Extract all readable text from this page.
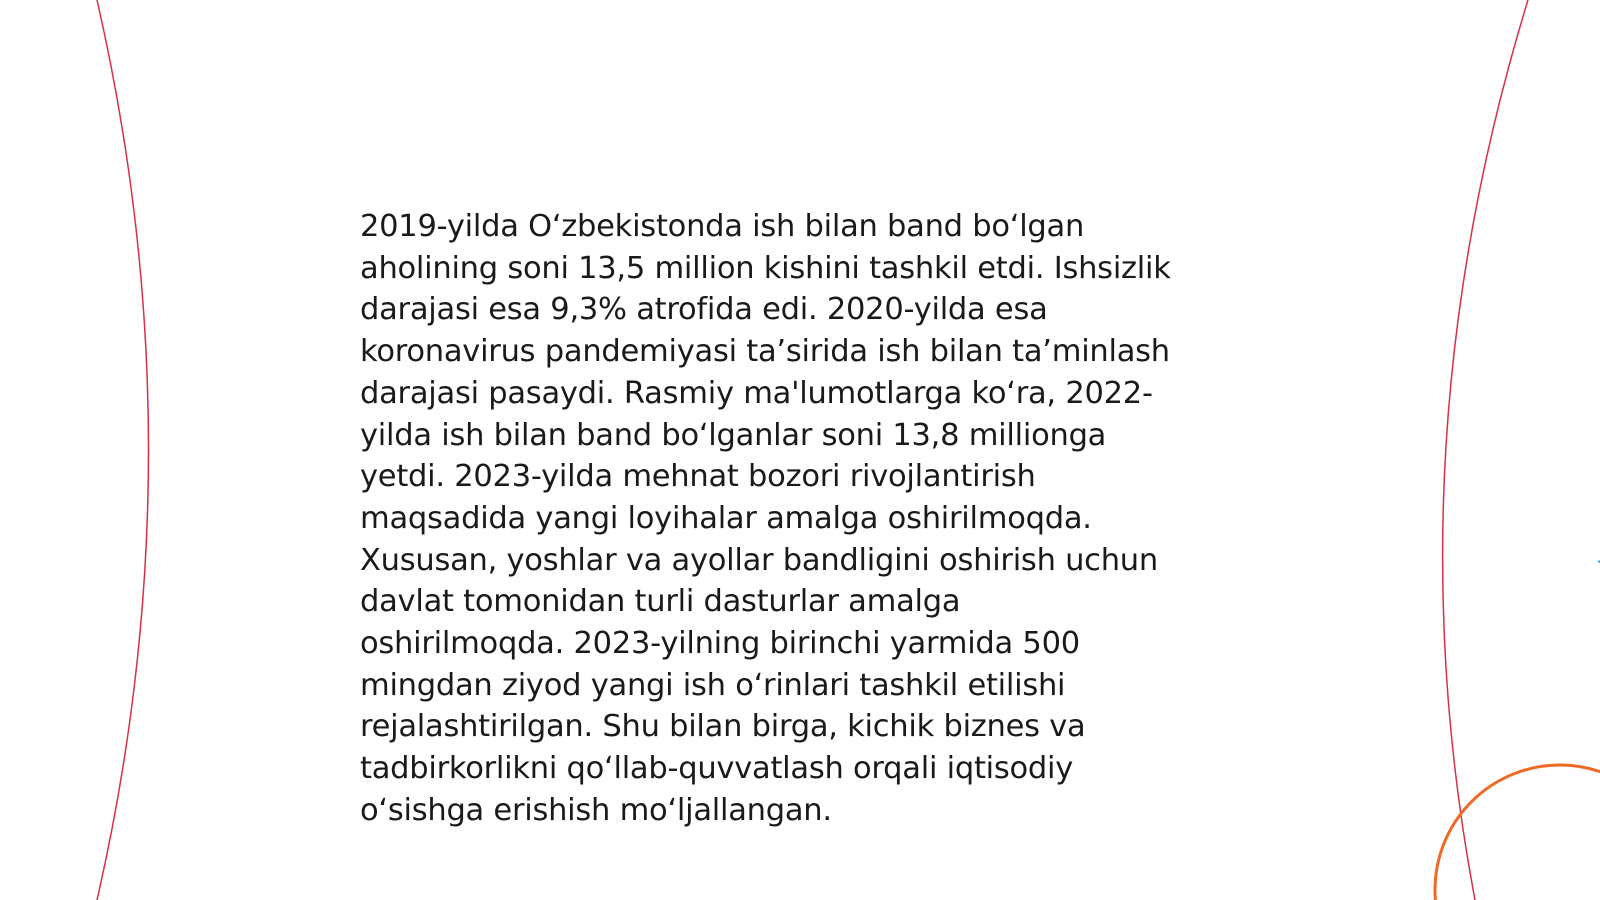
2019-yilda O‘zbekistonda ish bilan band bo‘lgan
aholining soni 13,5 million kishini tashkil etdi. Ishsizlik
darajasi esa 9,3% atrofida edi. 2020-yilda esa
koronavirus pandemiyasi ta’sirida ish bilan ta’minlash
darajasi pasaydi. Rasmiy ma'lumotlarga ko‘ra, 2022-
yilda ish bilan band bo‘lganlar soni 13,8 millionga
yetdi. 2023-yilda mehnat bozori rivojlantirish
maqsadida yangi loyihalar amalga oshirilmoqda.
Xususan, yoshlar va ayollar bandligini oshirish uchun
davlat tomonidan turli dasturlar amalga
oshirilmoqda. 2023-yilning birinchi yarmida 500
mingdan ziyod yangi ish o‘rinlari tashkil etilishi
rejalashtirilgan. Shu bilan birga, kichik biznes va
tadbirkorlikni qo‘llab-quvvatlash orqali iqtisodiy
o‘sishga erishish mo‘ljallangan.
